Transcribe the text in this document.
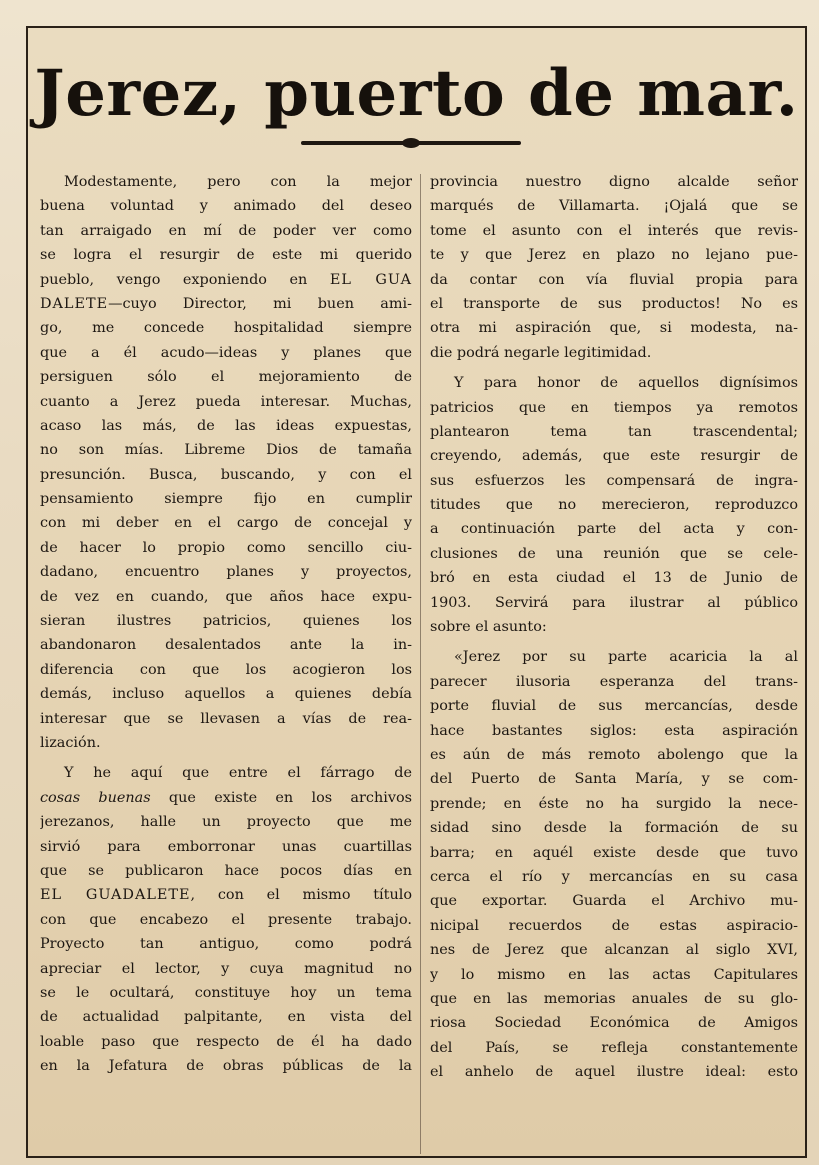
Jerez, puerto de mar.
Modestamente, pero con la mejor
buena voluntad y animado del deseo
tan arraigado en mí de poder ver como
se logra el resurgir de este mi querido
pueblo, vengo exponiendo en EL GUA
DALETE—cuyo Director, mi buen ami-
go, me concede hospitalidad siempre
que a él acudo—ideas y planes que
persiguen sólo el mejoramiento de
cuanto a Jerez pueda interesar. Muchas,
acaso las más, de las ideas expuestas,
no son mías. Libreme Dios de tamaña
presunción. Busca, buscando, y con el
pensamiento siempre fijo en cumplir
con mi deber en el cargo de concejal y
de hacer lo propio como sencillo ciu-
dadano, encuentro planes y proyectos,
de vez en cuando, que años hace expu-
sieran ilustres patricios, quienes los
abandonaron desalentados ante la in-
diferencia con que los acogieron los
demás, incluso aquellos a quienes debía
interesar que se llevasen a vías de rea-
lización.
Y he aquí que entre el fárrago de
cosas buenas que existe en los archivos
jerezanos, halle un proyecto que me
sirvió para emborronar unas cuartillas
que se publicaron hace pocos días en
EL GUADALETE, con el mismo título
con que encabezo el presente trabajo.
Proyecto tan antiguo, como podrá
apreciar el lector, y cuya magnitud no
se le ocultará, constituye hoy un tema
de actualidad palpitante, en vista del
loable paso que respecto de él ha dado
en la Jefatura de obras públicas de la
provincia nuestro digno alcalde señor
marqués de Villamarta. ¡Ojalá que se
tome el asunto con el interés que revis-
te y que Jerez en plazo no lejano pue-
da contar con vía fluvial propia para
el transporte de sus productos! No es
otra mi aspiración que, si modesta, na-
die podrá negarle legitimidad.
Y para honor de aquellos dignísimos
patricios que en tiempos ya remotos
plantearon tema tan trascendental;
creyendo, además, que este resurgir de
sus esfuerzos les compensará de ingra-
titudes que no merecieron, reproduzco
a continuación parte del acta y con-
clusiones de una reunión que se cele-
bró en esta ciudad el 13 de Junio de
1903. Servirá para ilustrar al público
sobre el asunto:
«Jerez por su parte acaricia la al
parecer ilusoria esperanza del trans-
porte fluvial de sus mercancías, desde
hace bastantes siglos: esta aspiración
es aún de más remoto abolengo que la
del Puerto de Santa María, y se com-
prende; en éste no ha surgido la nece-
sidad sino desde la formación de su
barra; en aquél existe desde que tuvo
cerca el río y mercancías en su casa
que exportar. Guarda el Archivo mu-
nicipal recuerdos de estas aspiracio-
nes de Jerez que alcanzan al siglo XVI,
y lo mismo en las actas Capitulares
que en las memorias anuales de su glo-
riosa Sociedad Económica de Amigos
del País, se refleja constantemente
el anhelo de aquel ilustre ideal: esto
